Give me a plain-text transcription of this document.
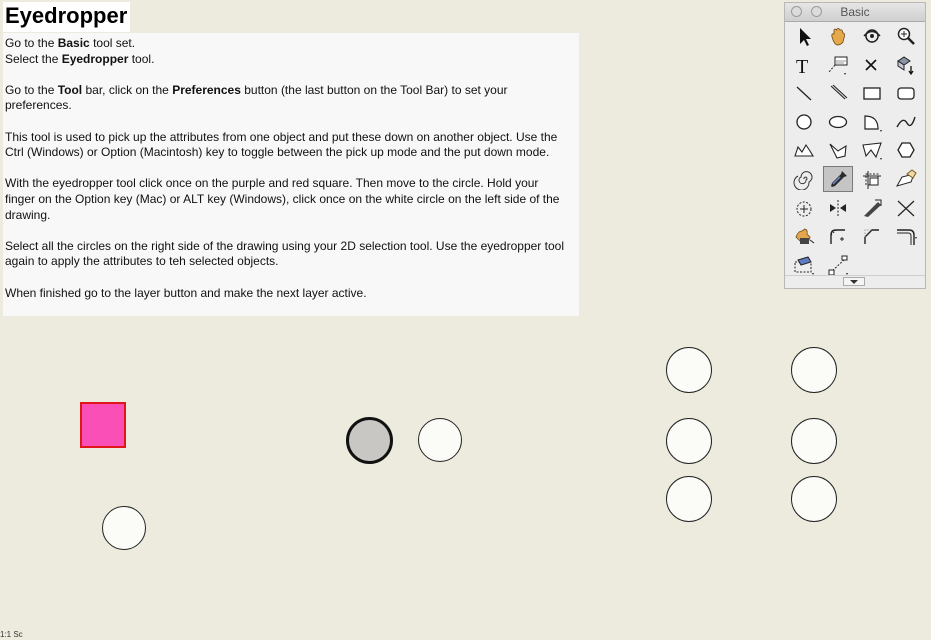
Eyedropper

Go to the Basic tool set.
Select the Eyedropper tool.

Go to the Tool bar, click on the Preferences button (the last button on the Tool Bar) to set your preferences.

This tool is used to pick up the attributes from one object and put these down on another object. Use the Ctrl (Windows) or Option (Macintosh) key to toggle between the pick up mode and the put down mode.

With the eyedropper tool click once on the purple and red square. Then move to the circle. Hold your finger on the Option key (Mac) or ALT key (Windows), click once on the white circle on the left side of the drawing.

Select all the circles on the right side of the drawing using your 2D selection tool. Use the eyedropper tool again to apply the attributes to teh selected objects.

When finished go to the layer button and make the next layer active.

1:1 Sc
Basic
T
